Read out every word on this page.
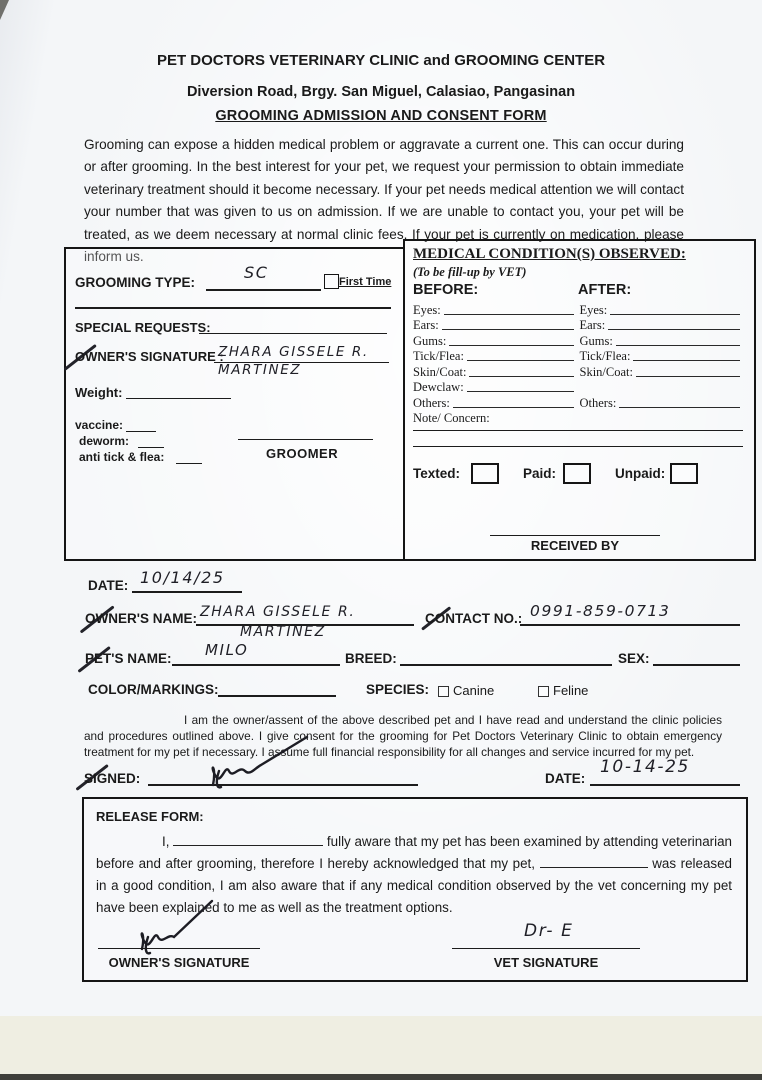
PET DOCTORS VETERINARY CLINIC and GROOMING CENTER
Diversion Road, Brgy. San Miguel, Calasiao, Pangasinan
GROOMING ADMISSION AND CONSENT FORM
Grooming can expose a hidden medical problem or aggravate a current one. This can occur during or after grooming. In the best interest for your pet, we request your permission to obtain immediate veterinary treatment should it become necessary. If your pet needs medical attention we will contact your number that was given to us on admission. If we are unable to contact you, your pet will be treated, as we deem necessary at normal clinic fees. If your pet is currently on medication, please inform us.
GROOMING TYPE:
SC	First Time
SPECIAL REQUESTS:
OWNER'S SIGNATURE :
ZHARA GISSELE R.
MARTINEZ
Weight:
vaccine:
deworm:
anti tick & flea:	GROOMER
MEDICAL CONDITION(S) OBSERVED:
(To be fill-up by VET)
BEFORE:	AFTER:
Eyes:	Eyes:
Ears:	Ears:
Gums:	Gums:
Tick/Flea:	Tick/Flea:
Skin/Coat:	Skin/Coat:
Dewclaw:
Others:	Others:
Note/ Concern:
Texted:	Paid:	Unpaid:
RECEIVED BY
DATE: 10/14/25
OWNER'S NAME: ZHARA GISSELE R.
MARTINEZ
CONTACT NO.: 0991-859-0713
PET'S NAME: MILO	BREED:	SEX:
COLOR/MARKINGS:	SPECIES: Canine	Feline
I am the owner/assent of the above described pet and I have read and understand the clinic policies and procedures outlined above. I give consent for the grooming for Pet Doctors Veterinary Clinic to obtain emergency treatment for my pet if necessary. I assume full financial responsibility for all changes and service incurred for my pet.
SIGNED:	DATE:
10-14-25
RELEASE FORM:

I,	fully aware that my pet has been examined by attending veterinarian before and after grooming, therefore I hereby acknowledged that my pet,	was released in a good condition, I am also aware that if any medical condition observed by the vet concerning my pet have been explained to me as well as the treatment options.

OWNER'S SIGNATURE
Dr- E
VET SIGNATURE
